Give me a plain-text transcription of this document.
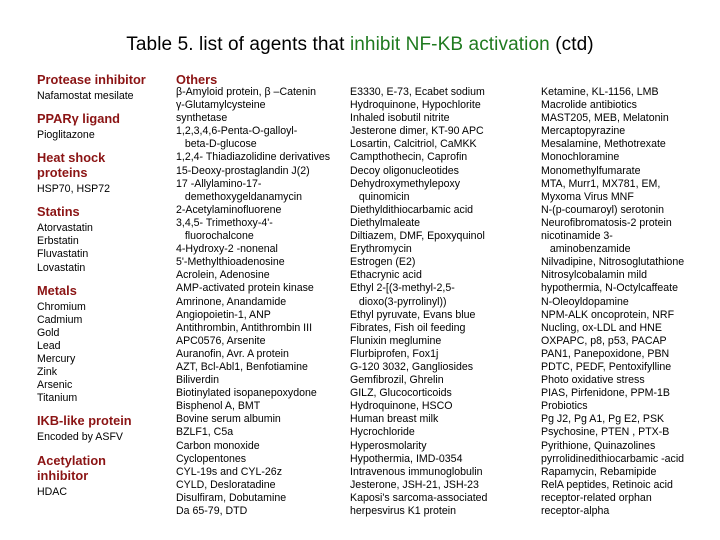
Table 5. list of agents that inhibit NF-KB activation (ctd)
Protease inhibitor
Nafamostat mesilate
PPARγ ligand
Pioglitazone
Heat shock
proteins
HSP70, HSP72
Statins
Atorvastatin
Erbstatin
Fluvastatin
Lovastatin
Metals
Chromium
Cadmium
Gold
Lead
Mercury
Zink
Arsenic
Titanium
IKB-like protein
Encoded by ASFV
Acetylation
inhibitor
HDAC
Others
β-Amyloid protein, β –Catenin
γ-Glutamylcysteine
synthetase
1,2,3,4,6-Penta-O-galloyl-
beta-D-glucose
1,2,4- Thiadiazolidine derivatives
15-Deoxy-prostaglandin J(2)
17 -Allylamino-17-
demethoxygeldanamycin
2-Acetylaminofluorene
3,4,5- Trimethoxy-4'-
fluorochalcone
4-Hydroxy-2 -nonenal
5'-Methylthioadenosine
Acrolein, Adenosine
AMP-activated protein kinase
Amrinone, Anandamide
Angiopoietin-1, ANP
Antithrombin, Antithrombin III
APC0576, Arsenite
Auranofin, Avr. A protein
AZT, Bcl-Abl1, Benfotiamine
Biliverdin
Biotinylated isopanepoxydone
Bisphenol A, BMT
Bovine serum albumin
BZLF1, C5a
Carbon monoxide
Cyclopentones
CYL-19s and CYL-26z
CYLD, Desloratadine
Disulfiram, Dobutamine
Da 65-79, DTD
E3330, E-73, Ecabet sodium
Hydroquinone, Hypochlorite
Inhaled isobutil nitrite
Jesterone dimer, KT-90 APC
Losartin, Calcitriol, CaMKK
Campthothecin, Caprofin
Decoy oligonucleotides
Dehydroxymethylepoxy
quinomicin
Diethyldithiocarbamic acid
Diethylmaleate
Diltiazem, DMF, Epoxyquinol
Erythromycin
Estrogen (E2)
Ethacrynic acid
Ethyl 2-[(3-methyl-2,5-
dioxo(3-pyrrolinyl))
Ethyl pyruvate, Evans blue
Fibrates, Fish oil feeding
Flunixin meglumine
Flurbiprofen, Fox1j
G-120 3032, Gangliosides
Gemfibrozil, Ghrelin
GILZ, Glucocorticoids
Hydroquinone, HSCO
Human breast milk
Hycrochloride
Hyperosmolarity
Hypothermia, IMD-0354
Intravenous immunoglobulin
Jesterone, JSH-21, JSH-23
Kaposi's sarcoma-associated
herpesvirus K1 protein
Ketamine, KL-1156, LMB
Macrolide antibiotics
MAST205, MEB, Melatonin
Mercaptopyrazine
Mesalamine, Methotrexate
Monochloramine
Monomethylfumarate
MTA, Murr1, MX781, EM,
Myxoma Virus MNF
N-(p-coumaroyl) serotonin
Neurofibromatosis-2 protein
nicotinamide 3-
aminobenzamide
Nilvadipine, Nitrosoglutathione
Nitrosylcobalamin mild
hypothermia, N-Octylcaffeate
N-Oleoyldopamine
NPM-ALK oncoprotein, NRF
Nucling, ox-LDL and HNE
OXPAPC, p8, p53, PACAP
PAN1, Panepoxidone, PBN
PDTC, PEDF, Pentoxifylline
Photo oxidative stress
PIAS, Pirfenidone, PPM-1B
Probiotics
Pg J2, Pg A1, Pg E2, PSK
Psychosine, PTEN , PTX-B
Pyrithione, Quinazolines
pyrrolidinedithiocarbamic -acid
Rapamycin, Rebamipide
RelA peptides, Retinoic acid
receptor-related orphan
receptor-alpha
